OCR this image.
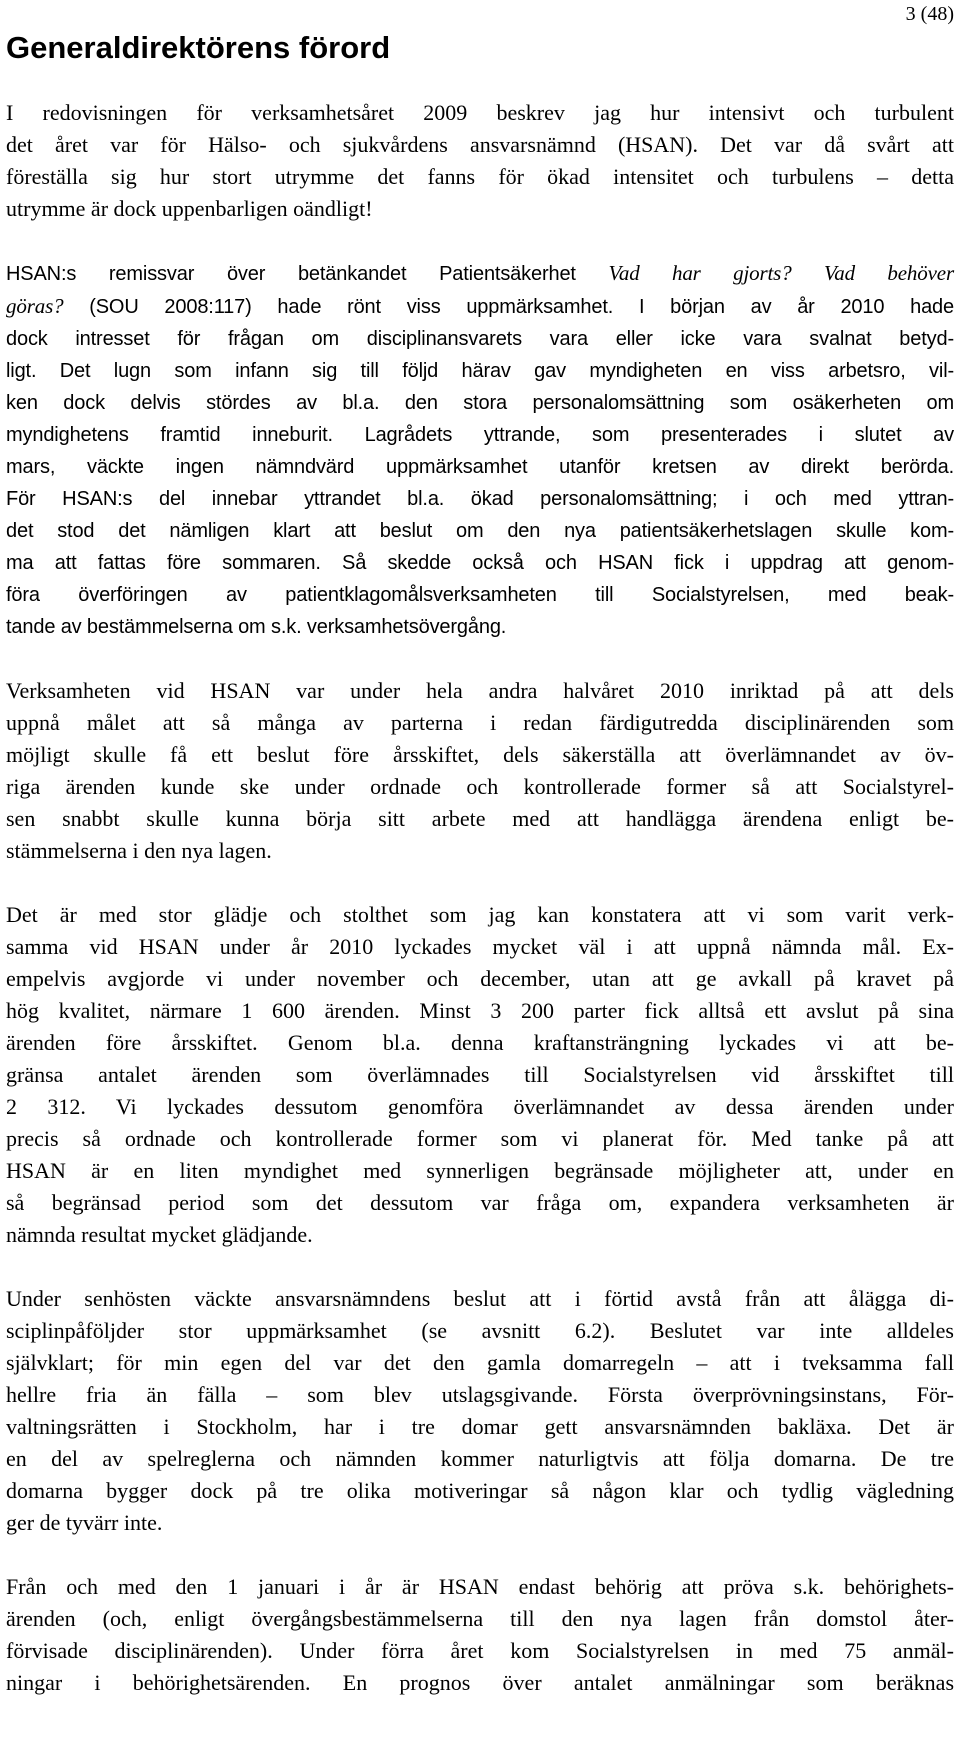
3 (48)
Generaldirektörens förord

I redovisningen för verksamhetsåret 2009 beskrev jag hur intensivt och turbulent
det året var för Hälso- och sjukvårdens ansvarsnämnd (HSAN). Det var då svårt att
föreställa sig hur stort utrymme det fanns för ökad intensitet och turbulens – detta
utrymme är dock uppenbarligen oändligt!

HSAN:s remissvar över betänkandet Patientsäkerhet Vad har gjorts? Vad behöver
göras? (SOU 2008:117) hade rönt viss uppmärksamhet. I början av år 2010 hade
dock intresset för frågan om disciplinansvarets vara eller icke vara svalnat betyd-
ligt. Det lugn som infann sig till följd härav gav myndigheten en viss arbetsro, vil-
ken dock delvis stördes av bl.a. den stora personalomsättning som osäkerheten om
myndighetens framtid inneburit. Lagrådets yttrande, som presenterades i slutet av
mars, väckte ingen nämndvärd uppmärksamhet utanför kretsen av direkt berörda.
För HSAN:s del innebar yttrandet bl.a. ökad personalomsättning; i och med yttran-
det stod det nämligen klart att beslut om den nya patientsäkerhetslagen skulle kom-
ma att fattas före sommaren. Så skedde också och HSAN fick i uppdrag att genom-
föra överföringen av patientklagomålsverksamheten till Socialstyrelsen, med beak-
tande av bestämmelserna om s.k. verksamhetsövergång.

Verksamheten vid HSAN var under hela andra halvåret 2010 inriktad på att dels
uppnå målet att så många av parterna i redan färdigutredda disciplinärenden som
möjligt skulle få ett beslut före årsskiftet, dels säkerställa att överlämnandet av öv-
riga ärenden kunde ske under ordnade och kontrollerade former så att Socialstyrel-
sen snabbt skulle kunna börja sitt arbete med att handlägga ärendena enligt be-
stämmelserna i den nya lagen.

Det är med stor glädje och stolthet som jag kan konstatera att vi som varit verk-
samma vid HSAN under år 2010 lyckades mycket väl i att uppnå nämnda mål. Ex-
empelvis avgjorde vi under november och december, utan att ge avkall på kravet på
hög kvalitet, närmare 1 600 ärenden. Minst 3 200 parter fick alltså ett avslut på sina
ärenden före årsskiftet. Genom bl.a. denna kraftansträngning lyckades vi att be-
gränsa antalet ärenden som överlämnades till Socialstyrelsen vid årsskiftet till
2 312. Vi lyckades dessutom genomföra överlämnandet av dessa ärenden under
precis så ordnade och kontrollerade former som vi planerat för. Med tanke på att
HSAN är en liten myndighet med synnerligen begränsade möjligheter att, under en
så begränsad period som det dessutom var fråga om, expandera verksamheten är
nämnda resultat mycket glädjande.

Under senhösten väckte ansvarsnämndens beslut att i förtid avstå från att ålägga di-
sciplinpåföljder stor uppmärksamhet (se avsnitt 6.2). Beslutet var inte alldeles
självklart; för min egen del var det den gamla domarregeln – att i tveksamma fall
hellre fria än fälla – som blev utslagsgivande. Första överprövningsinstans, För-
valtningsrätten i Stockholm, har i tre domar gett ansvarsnämnden bakläxa. Det är
en del av spelreglerna och nämnden kommer naturligtvis att följa domarna. De tre
domarna bygger dock på tre olika motiveringar så någon klar och tydlig vägledning
ger de tyvärr inte.

Från och med den 1 januari i år är HSAN endast behörig att pröva s.k. behörighets-
ärenden (och, enligt övergångsbestämmelserna till den nya lagen från domstol åter-
förvisade disciplinärenden). Under förra året kom Socialstyrelsen in med 75 anmäl-
ningar i behörighetsärenden. En prognos över antalet anmälningar som beräknas
